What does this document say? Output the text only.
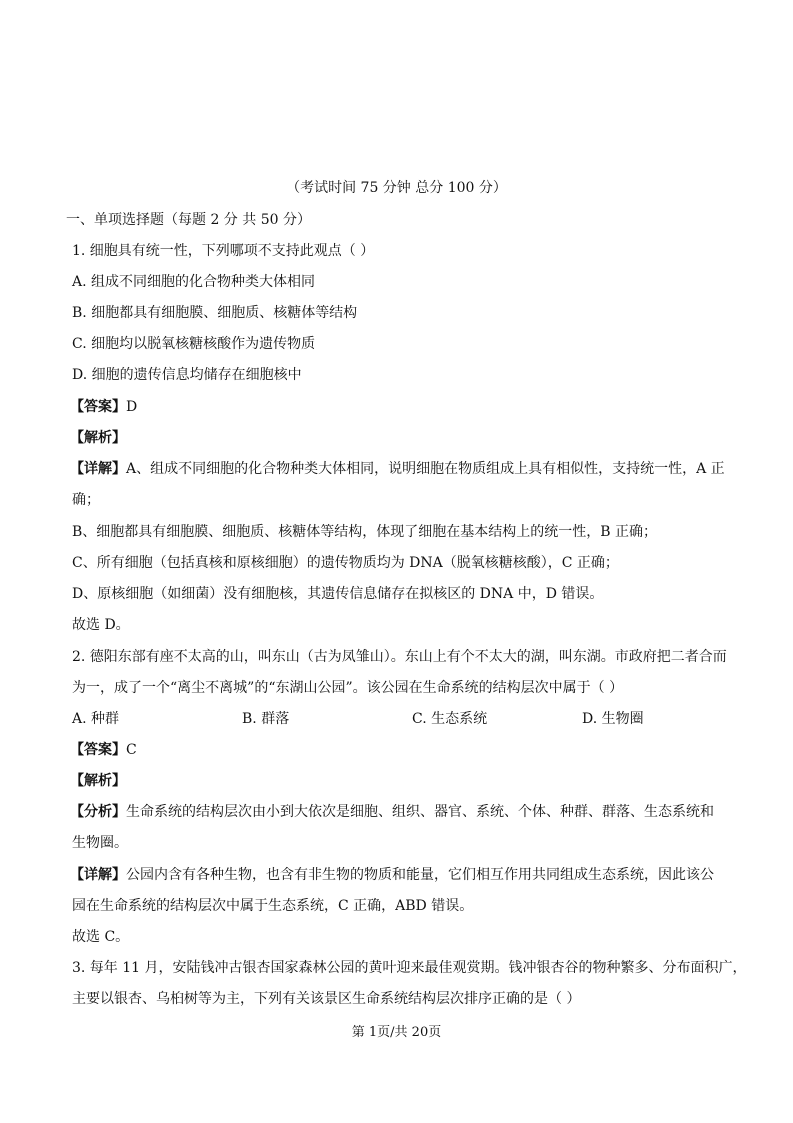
（考试时间 75 分钟 总分 100 分）
一、单项选择题（每题 2 分 共 50 分）
1. 细胞具有统一性，下列哪项不支持此观点（ ）
A. 组成不同细胞的化合物种类大体相同
B. 细胞都具有细胞膜、细胞质、核糖体等结构
C. 细胞均以脱氧核糖核酸作为遗传物质
D. 细胞的遗传信息均储存在细胞核中
【答案】D
【解析】
【详解】A、组成不同细胞的化合物种类大体相同，说明细胞在物质组成上具有相似性，支持统一性，A 正
确；
B、细胞都具有细胞膜、细胞质、核糖体等结构，体现了细胞在基本结构上的统一性，B 正确；
C、所有细胞（包括真核和原核细胞）的遗传物质均为 DNA（脱氧核糖核酸），C 正确；
D、原核细胞（如细菌）没有细胞核，其遗传信息储存在拟核区的 DNA 中，D 错误。
故选 D。
2. 德阳东部有座不太高的山，叫东山（古为凤雏山）。东山上有个不太大的湖，叫东湖。市政府把二者合而
为一，成了一个“离尘不离城”的“东湖山公园”。该公园在生命系统的结构层次中属于（ ）
A. 种群	B. 群落	C. 生态系统	D. 生物圈
【答案】C
【解析】
【分析】生命系统的结构层次由小到大依次是细胞、组织、器官、系统、个体、种群、群落、生态系统和
生物圈。
【详解】公园内含有各种生物，也含有非生物的物质和能量，它们相互作用共同组成生态系统，因此该公
园在生命系统的结构层次中属于生态系统，C 正确，ABD 错误。
故选 C。
3. 每年 11 月，安陆钱冲古银杏国家森林公园的黄叶迎来最佳观赏期。钱冲银杏谷的物种繁多、分布面积广，
主要以银杏、乌桕树等为主，下列有关该景区生命系统结构层次排序正确的是（ ）
第 1页/共 20页
